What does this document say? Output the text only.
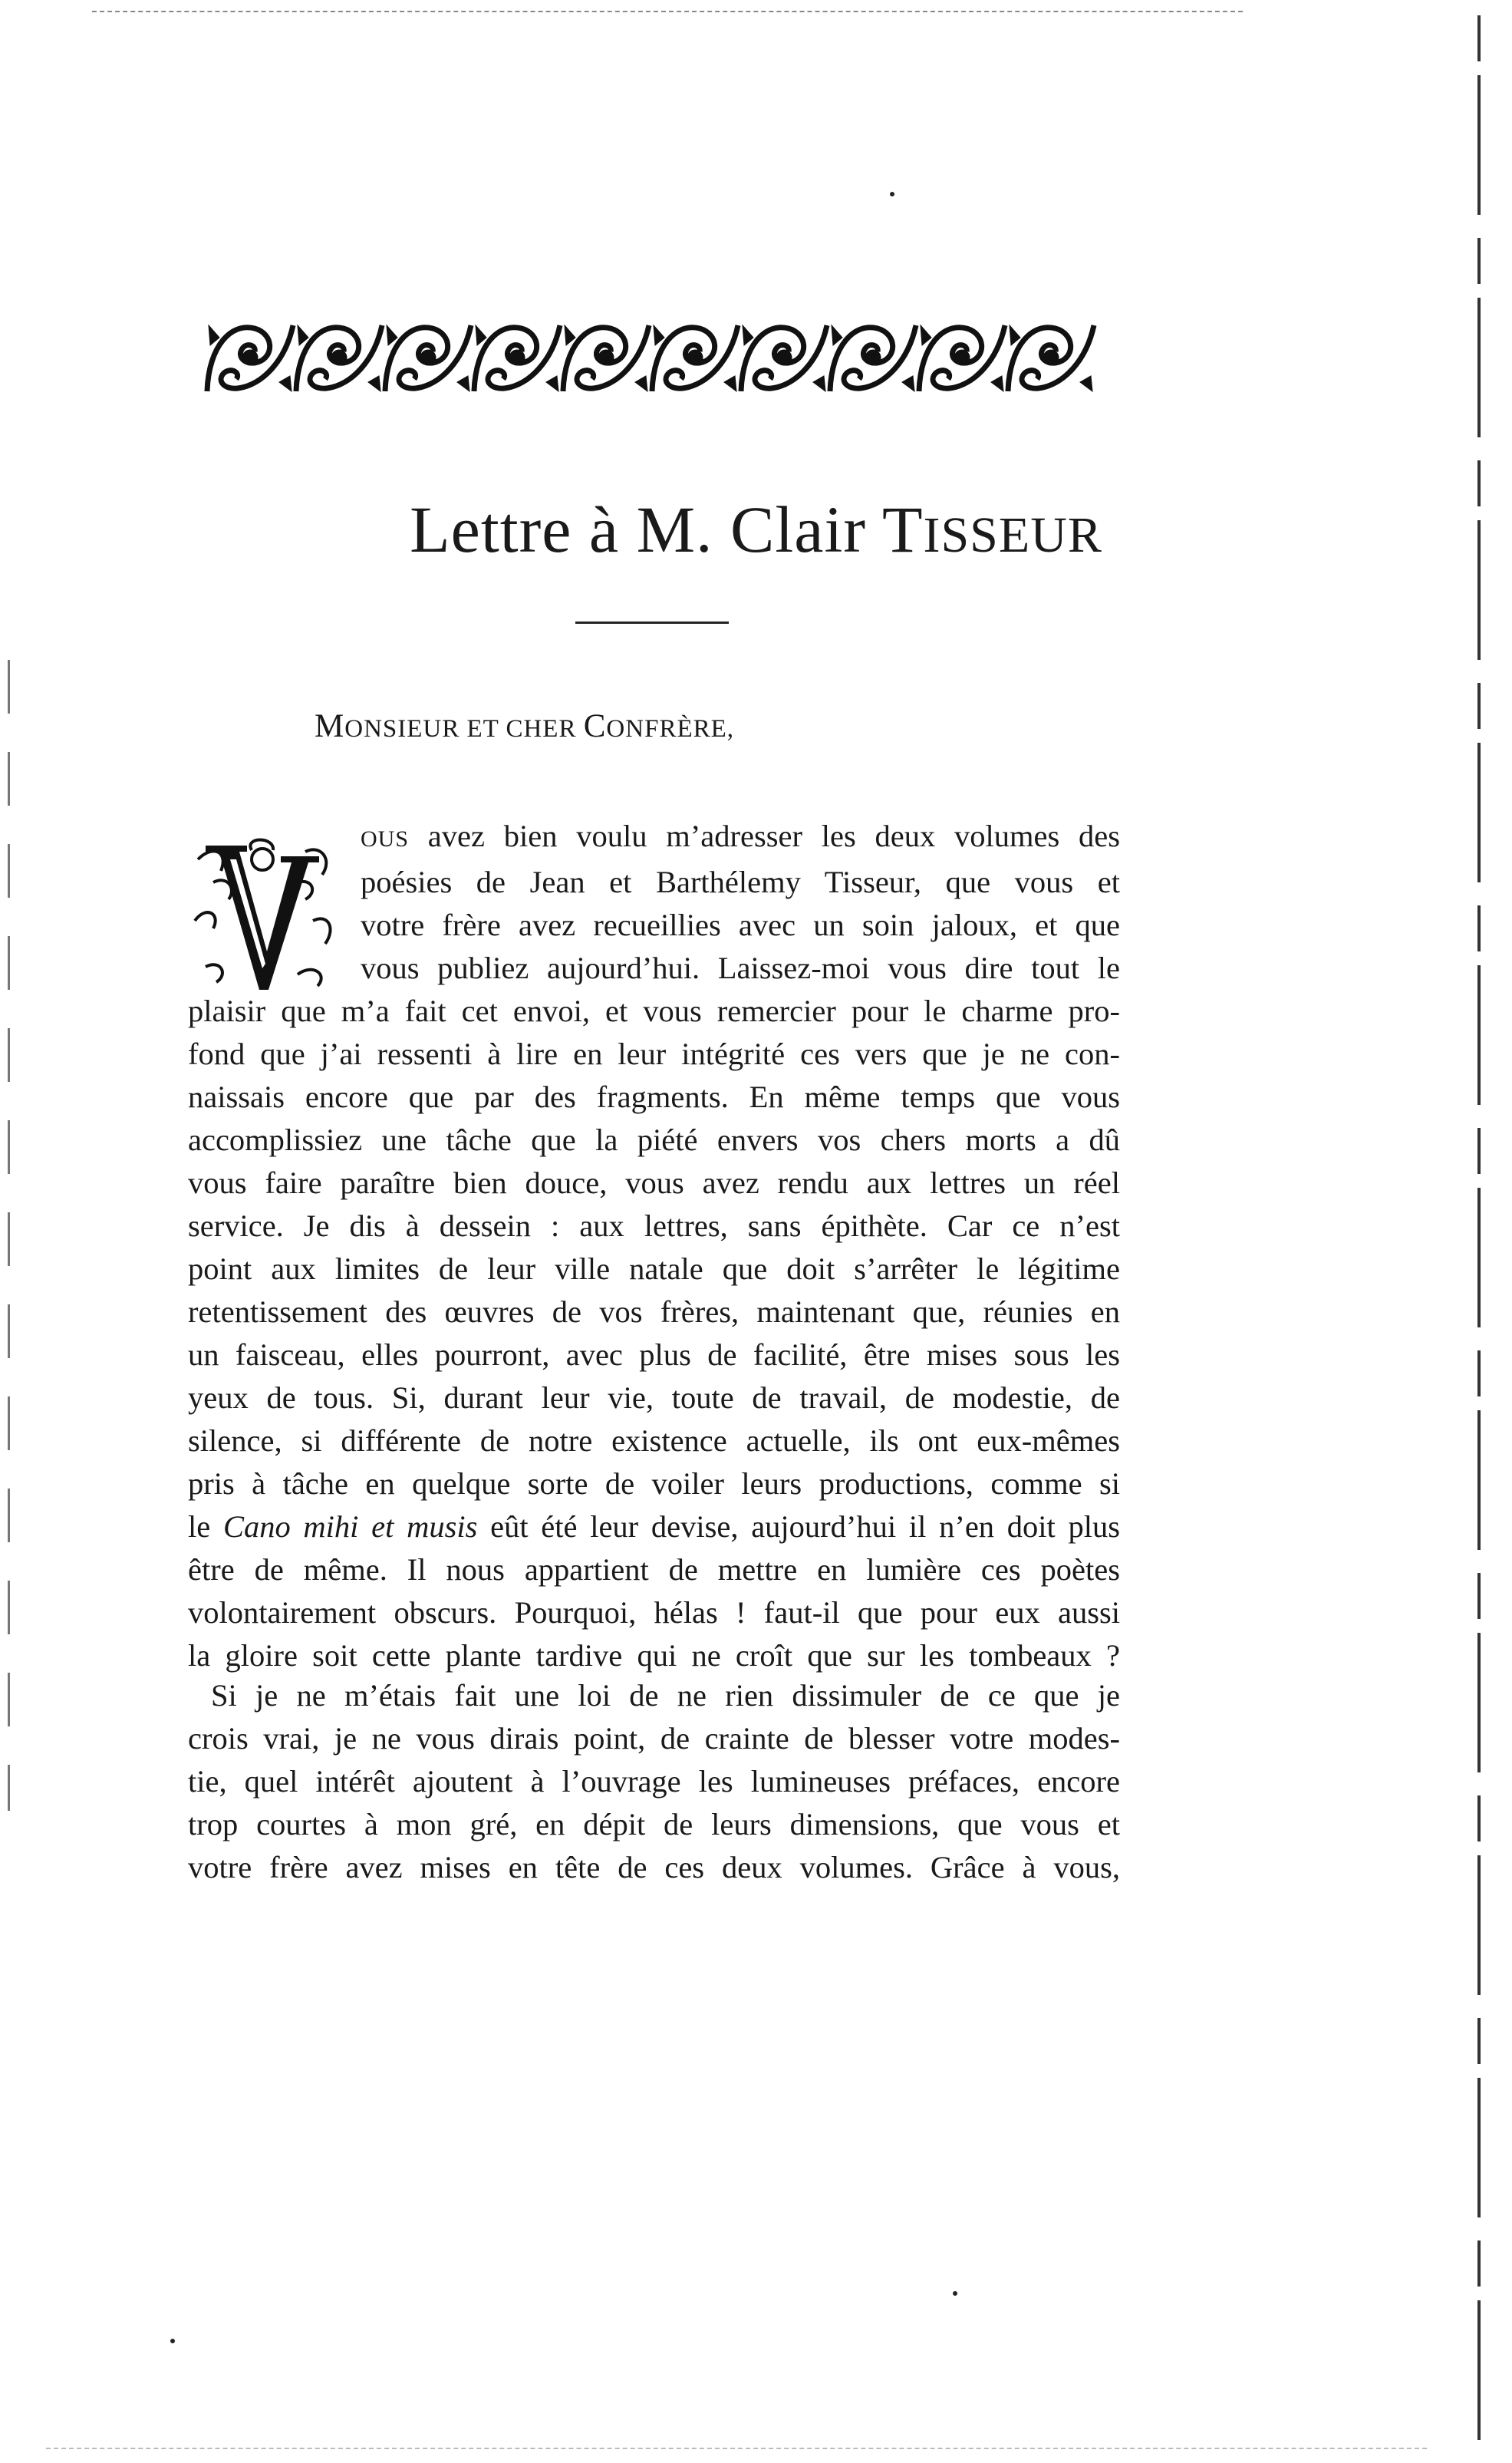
Lettre à M. Clair TISSEUR
MONSIEUR ET CHER CONFRÈRE,
OUS avez bien voulu m’adresser les deux volumes des
poésies de Jean et Barthélemy Tisseur, que vous et
votre frère avez recueillies avec un soin jaloux, et que
vous publiez aujourd’hui. Laissez-moi vous dire tout le
plaisir que m’a fait cet envoi, et vous remercier pour le charme pro-
fond que j’ai ressenti à lire en leur intégrité ces vers que je ne con-
naissais encore que par des fragments. En même temps que vous
accomplissiez une tâche que la piété envers vos chers morts a dû
vous faire paraître bien douce, vous avez rendu aux lettres un réel
service. Je dis à dessein : aux lettres, sans épithète. Car ce n’est
point aux limites de leur ville natale que doit s’arrêter le légitime
retentissement des œuvres de vos frères, maintenant que, réunies en
un faisceau, elles pourront, avec plus de facilité, être mises sous les
yeux de tous. Si, durant leur vie, toute de travail, de modestie, de
silence, si différente de notre existence actuelle, ils ont eux-mêmes
pris à tâche en quelque sorte de voiler leurs productions, comme si
le Cano mihi et musis eût été leur devise, aujourd’hui il n’en doit plus
être de même. Il nous appartient de mettre en lumière ces poètes
volontairement obscurs. Pourquoi, hélas ! faut-il que pour eux aussi
la gloire soit cette plante tardive qui ne croît que sur les tombeaux ?
Si je ne m’étais fait une loi de ne rien dissimuler de ce que je
crois vrai, je ne vous dirais point, de crainte de blesser votre modes-
tie, quel intérêt ajoutent à l’ouvrage les lumineuses préfaces, encore
trop courtes à mon gré, en dépit de leurs dimensions, que vous et
votre frère avez mises en tête de ces deux volumes. Grâce à vous,
